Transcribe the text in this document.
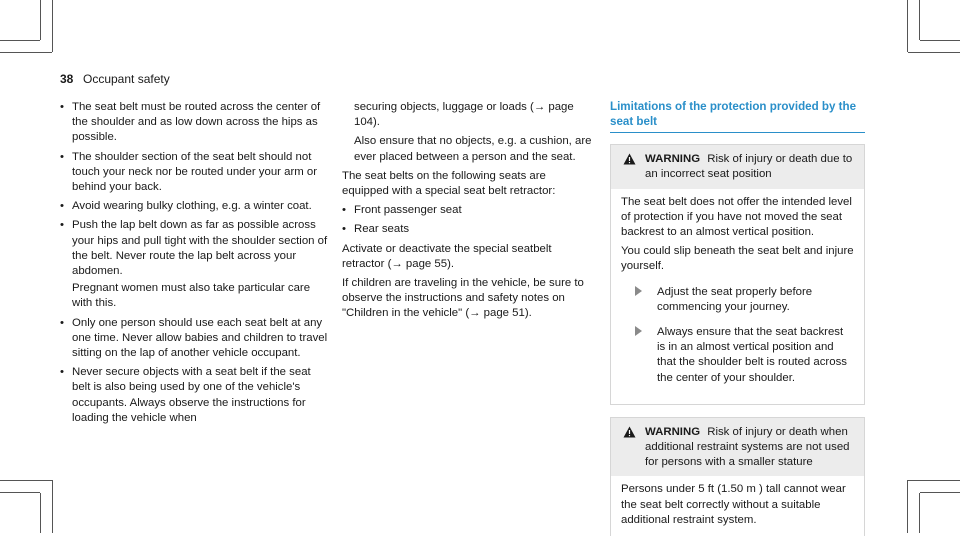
38 Occupant safety
• The seat belt must be routed across the center of the shoulder and as low down across the hips as possible.
• The shoulder section of the seat belt should not touch your neck nor be routed under your arm or behind your back.
• Avoid wearing bulky clothing, e.g. a winter coat.
• Push the lap belt down as far as possible across your hips and pull tight with the shoulder section of the belt. Never route the lap belt across your abdomen.
Pregnant women must also take particular care with this.
• Only one person should use each seat belt at any one time. Never allow babies and children to travel sitting on the lap of another vehicle occupant.
• Never secure objects with a seat belt if the seat belt is also being used by one of the vehicle's occupants. Always observe the instructions for loading the vehicle when

securing objects, luggage or loads (→ page 104).

Also ensure that no objects, e.g. a cushion, are ever placed between a person and the seat.

The seat belts on the following seats are equipped with a special seat belt retractor:

• Front passenger seat
• Rear seats

Activate or deactivate the special seatbelt retractor (→ page 55).

If children are traveling in the vehicle, be sure to observe the instructions and safety notes on "Children in the vehicle" (→ page 51).

Limitations of the protection provided by the seat belt
WARNING Risk of injury or death due to an incorrect seat position

The seat belt does not offer the intended level of protection if you have not moved the seat backrest to an almost vertical position.

You could slip beneath the seat belt and injure yourself.

Adjust the seat properly before commencing your journey.
Always ensure that the seat backrest is in an almost vertical position and that the shoulder belt is routed across the center of your shoulder.
WARNING Risk of injury or death when additional restraint systems are not used for persons with a smaller stature

Persons under 5 ft (1.50 m ) tall cannot wear the seat belt correctly without a suitable additional restraint system.
